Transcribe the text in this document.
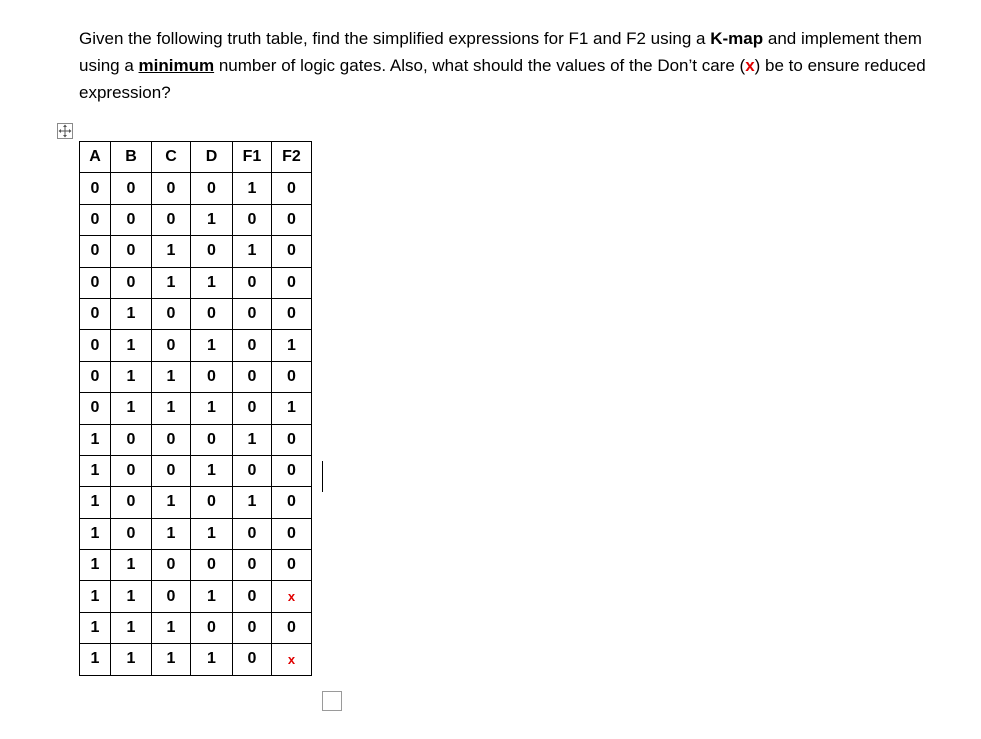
Given the following truth table, find the simplified expressions for F1 and F2 using a K-map and implement them using a minimum number of logic gates. Also, what should the values of the Don’t care (x) be to ensure reduced expression?

A	B	C	D	F1	F2
0	0	0	0	1	0
0	0	0	1	0	0
0	0	1	0	1	0
0	0	1	1	0	0
0	1	0	0	0	0
0	1	0	1	0	1
0	1	1	0	0	0
0	1	1	1	0	1
1	0	0	0	1	0
1	0	0	1	0	0
1	0	1	0	1	0
1	0	1	1	0	0
1	1	0	0	0	0
1	1	0	1	0	x
1	1	1	0	0	0
1	1	1	1	0	x
